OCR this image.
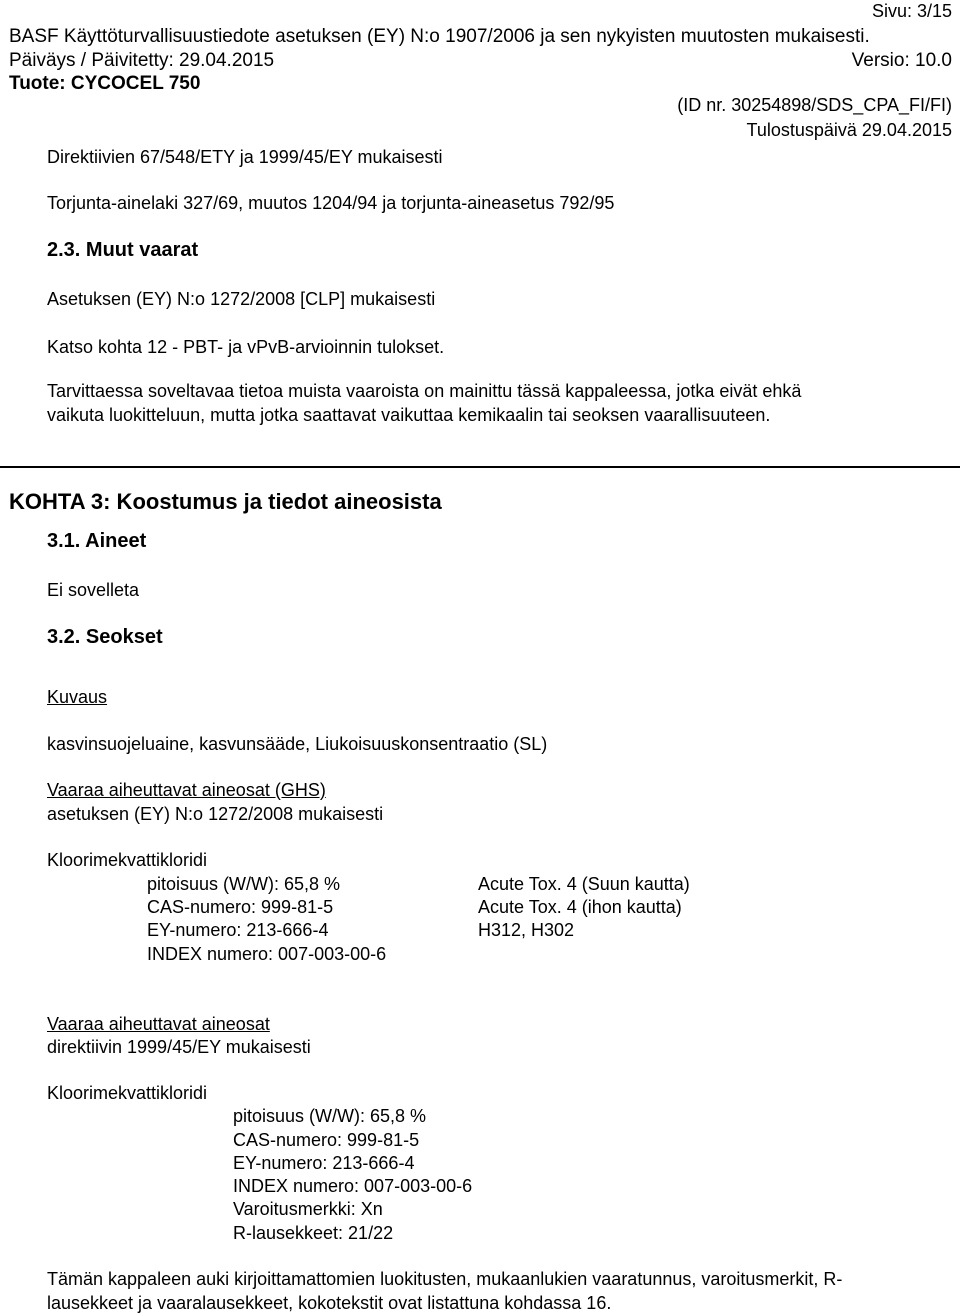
Sivu: 3/15
BASF Käyttöturvallisuustiedote asetuksen (EY) N:o 1907/2006 ja sen nykyisten muutosten mukaisesti.
Päiväys / Päivitetty: 29.04.2015	Versio: 10.0
Tuote: CYCOCEL 750
(ID nr. 30254898/SDS_CPA_FI/FI)
Tulostuspäivä 29.04.2015
Direktiivien 67/548/ETY ja 1999/45/EY mukaisesti
Torjunta-ainelaki 327/69, muutos 1204/94 ja torjunta-aineasetus 792/95
2.3. Muut vaarat
Asetuksen (EY) N:o 1272/2008 [CLP] mukaisesti
Katso kohta 12 - PBT- ja vPvB-arvioinnin tulokset.
Tarvittaessa soveltavaa tietoa muista vaaroista on mainittu tässä kappaleessa, jotka eivät ehkä
vaikuta luokitteluun, mutta jotka saattavat vaikuttaa kemikaalin tai seoksen vaarallisuuteen.
KOHTA 3: Koostumus ja tiedot aineosista
3.1. Aineet
Ei sovelleta
3.2. Seokset
Kuvaus
kasvinsuojeluaine, kasvunsääde, Liukoisuuskonsentraatio (SL)
Vaaraa aiheuttavat aineosat (GHS)
asetuksen (EY) N:o 1272/2008 mukaisesti
Kloorimekvattikloridi
pitoisuus (W/W): 65,8 %
CAS-numero: 999-81-5
EY-numero: 213-666-4
INDEX numero: 007-003-00-6
Acute Tox. 4 (Suun kautta)
Acute Tox. 4 (ihon kautta)
H312, H302
Vaaraa aiheuttavat aineosat
direktiivin 1999/45/EY mukaisesti
Kloorimekvattikloridi
pitoisuus (W/W): 65,8 %
CAS-numero: 999-81-5
EY-numero: 213-666-4
INDEX numero: 007-003-00-6
Varoitusmerkki: Xn
R-lausekkeet: 21/22
Tämän kappaleen auki kirjoittamattomien luokitusten, mukaanlukien vaaratunnus, varoitusmerkit, R-
lausekkeet ja vaaralausekkeet, kokotekstit ovat listattuna kohdassa 16.
